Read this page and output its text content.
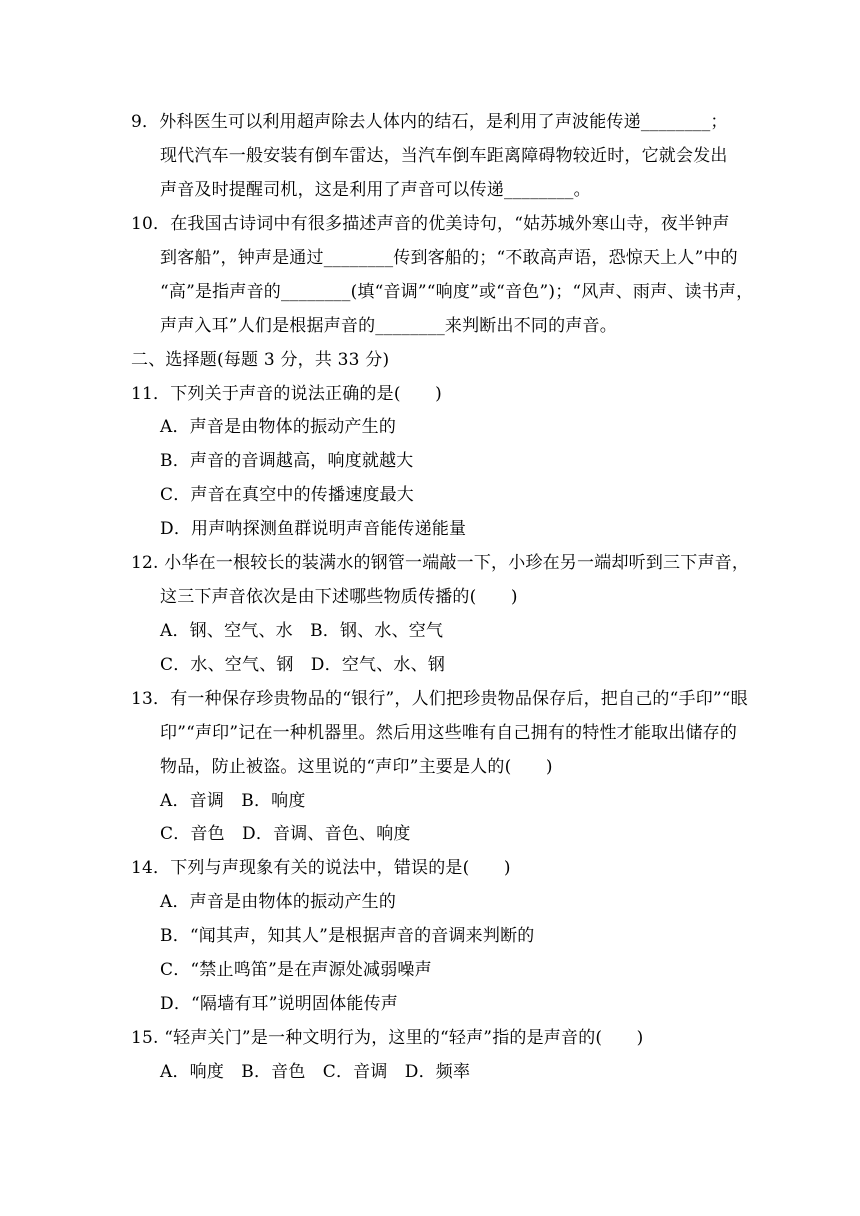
9．外科医生可以利用超声除去人体内的结石，是利用了声波能传递________；
现代汽车一般安装有倒车雷达，当汽车倒车距离障碍物较近时，它就会发出
声音及时提醒司机，这是利用了声音可以传递________。
10．在我国古诗词中有很多描述声音的优美诗句，“姑苏城外寒山寺，夜半钟声
到客船”，钟声是通过________传到客船的；“不敢高声语，恐惊天上人”中的
“高”是指声音的________(填“音调”“响度”或“音色”)；“风声、雨声、读书声，
声声入耳”人们是根据声音的________来判断出不同的声音。
二、选择题(每题 3 分，共 33 分)
11．下列关于声音的说法正确的是(　　)
A．声音是由物体的振动产生的
B．声音的音调越高，响度就越大
C．声音在真空中的传播速度最大
D．用声呐探测鱼群说明声音能传递能量
12. 小华在一根较长的装满水的钢管一端敲一下，小珍在另一端却听到三下声音，
这三下声音依次是由下述哪些物质传播的(　　)
A．钢、空气、水　B．钢、水、空气
C．水、空气、钢　D．空气、水、钢
13．有一种保存珍贵物品的“银行”，人们把珍贵物品保存后，把自己的“手印”“眼
印”“声印”记在一种机器里。然后用这些唯有自己拥有的特性才能取出储存的
物品，防止被盗。这里说的“声印”主要是人的(　　)
A．音调　B．响度
C．音色　D．音调、音色、响度
14．下列与声现象有关的说法中，错误的是(　　)
A．声音是由物体的振动产生的
B．“闻其声，知其人”是根据声音的音调来判断的
C．“禁止鸣笛”是在声源处减弱噪声
D．“隔墙有耳”说明固体能传声
15. “轻声关门”是一种文明行为，这里的“轻声”指的是声音的(　　)
A．响度　B．音色　C．音调　D．频率
